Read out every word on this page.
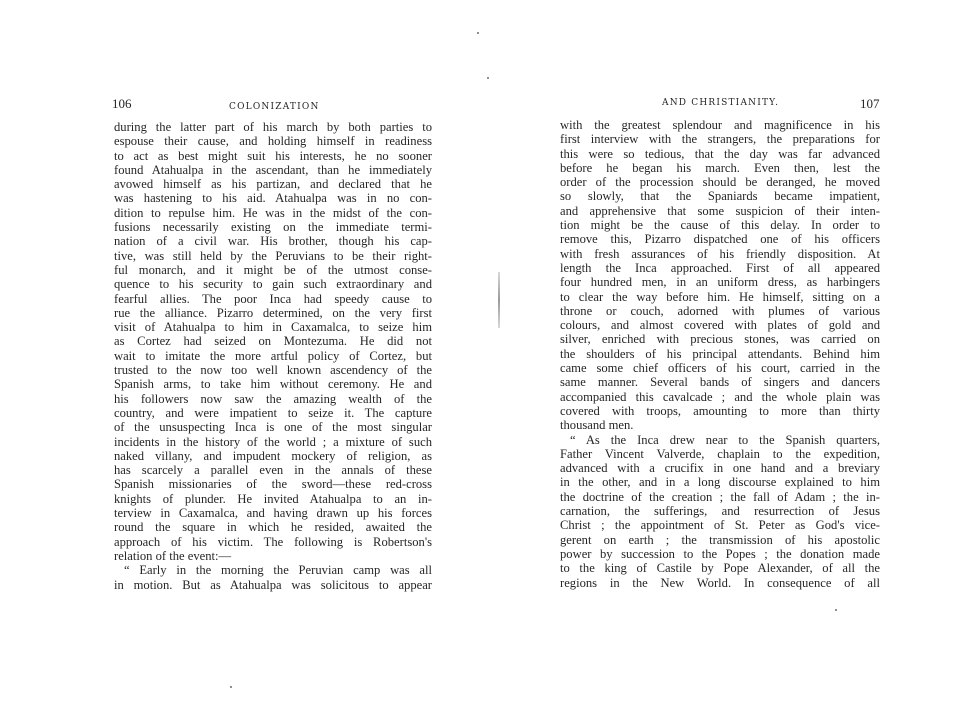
106	COLONIZATION
during the latter part of his march by both parties to
espouse their cause, and holding himself in readiness
to act as best might suit his interests, he no sooner
found Atahualpa in the ascendant, than he immediately
avowed himself as his partizan, and declared that he
was hastening to his aid. Atahualpa was in no con-
dition to repulse him. He was in the midst of the con-
fusions necessarily existing on the immediate termi-
nation of a civil war. His brother, though his cap-
tive, was still held by the Peruvians to be their right-
ful monarch, and it might be of the utmost conse-
quence to his security to gain such extraordinary and
fearful allies. The poor Inca had speedy cause to
rue the alliance. Pizarro determined, on the very first
visit of Atahualpa to him in Caxamalca, to seize him
as Cortez had seized on Montezuma. He did not
wait to imitate the more artful policy of Cortez, but
trusted to the now too well known ascendency of the
Spanish arms, to take him without ceremony. He and
his followers now saw the amazing wealth of the
country, and were impatient to seize it. The capture
of the unsuspecting Inca is one of the most singular
incidents in the history of the world ; a mixture of such
naked villany, and impudent mockery of religion, as
has scarcely a parallel even in the annals of these
Spanish missionaries of the sword—these red-cross
knights of plunder. He invited Atahualpa to an in-
terview in Caxamalca, and having drawn up his forces
round the square in which he resided, awaited the
approach of his victim. The following is Robertson's
relation of the event:—
“ Early in the morning the Peruvian camp was all
in motion. But as Atahualpa was solicitous to appear
AND CHRISTIANITY.	107
with the greatest splendour and magnificence in his
first interview with the strangers, the preparations for
this were so tedious, that the day was far advanced
before he began his march. Even then, lest the
order of the procession should be deranged, he moved
so slowly, that the Spaniards became impatient,
and apprehensive that some suspicion of their inten-
tion might be the cause of this delay. In order to
remove this, Pizarro dispatched one of his officers
with fresh assurances of his friendly disposition. At
length the Inca approached. First of all appeared
four hundred men, in an uniform dress, as harbingers
to clear the way before him. He himself, sitting on a
throne or couch, adorned with plumes of various
colours, and almost covered with plates of gold and
silver, enriched with precious stones, was carried on
the shoulders of his principal attendants. Behind him
came some chief officers of his court, carried in the
same manner. Several bands of singers and dancers
accompanied this cavalcade ; and the whole plain was
covered with troops, amounting to more than thirty
thousand men.
“ As the Inca drew near to the Spanish quarters,
Father Vincent Valverde, chaplain to the expedition,
advanced with a crucifix in one hand and a breviary
in the other, and in a long discourse explained to him
the doctrine of the creation ; the fall of Adam ; the in-
carnation, the sufferings, and resurrection of Jesus
Christ ; the appointment of St. Peter as God's vice-
gerent on earth ; the transmission of his apostolic
power by succession to the Popes ; the donation made
to the king of Castile by Pope Alexander, of all the
regions in the New World. In consequence of all
